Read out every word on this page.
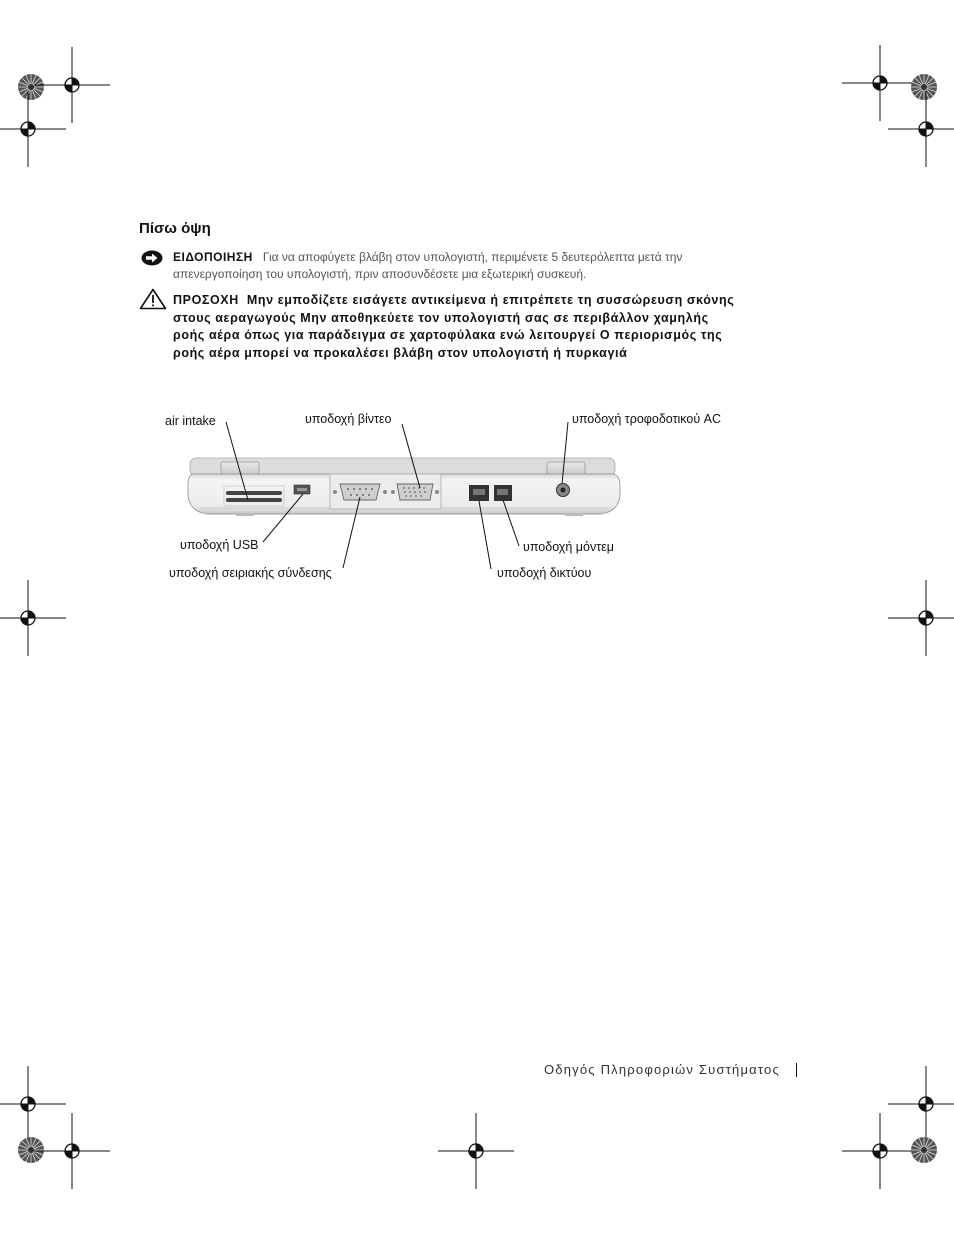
Πίσω όψη
ΕΙΔΟΠΟΙΗΣΗ Για να αποφύγετε βλάβη στον υπολογιστή, περιμένετε 5 δευτερόλεπτα μετά την απενεργοποίηση του υπολογιστή, πριν αποσυνδέσετε μια εξωτερική συσκευή.
ΠΡΟΣΟΧΗ Μην εμποδίζετε εισάγετε αντικείμενα ή επιτρέπετε τη συσσώρευση σκόνης στους αεραγωγούς Μην αποθηκεύετε τον υπολογιστή σας σε περιβάλλον χαμηλής ροής αέρα όπως για παράδειγμα σε χαρτοφύλακα ενώ λειτουργεί Ο περιορισμός της ροής αέρα μπορεί να προκαλέσει βλάβη στον υπολογιστή ή πυρκαγιά
air intake	υποδοχή βίντεο	υποδοχή τροφοδοτικού AC
υποδοχή USB
υποδοχή σειριακής σύνδεσης
υποδοχή μόντεμ
υποδοχή δικτύου
Οδηγός Πληροφοριών Συστήματος
